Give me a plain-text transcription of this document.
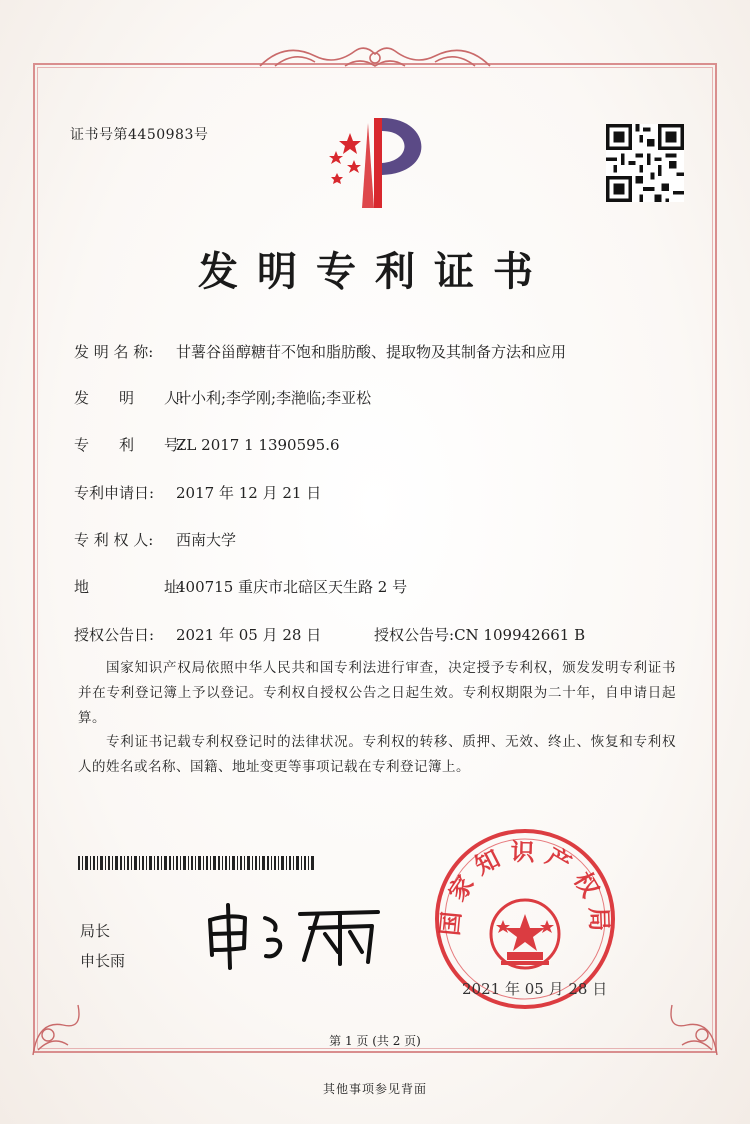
证书号第4450983号
发明专利证书
发 明 名 称: 甘薯谷甾醇糖苷不饱和脂肪酸、提取物及其制备方法和应用
发　　明　　人:叶小利;李学刚;李滟临;李亚松
专　　利　　号:ZL 2017 1 1390595.6
专利申请日: 2017 年 12 月 21 日
专 利 权 人: 西南大学
地　　　　　址:400715 重庆市北碚区天生路 2 号
授权公告日: 2021 年 05 月 28 日	授权公告号:CN 109942661 B
国家知识产权局依照中华人民共和国专利法进行审查，决定授予专利权，颁发发明专利证书并在专利登记簿上予以登记。专利权自授权公告之日起生效。专利权期限为二十年，自申请日起算。
专利证书记载专利权登记时的法律状况。专利权的转移、质押、无效、终止、恢复和专利权人的姓名或名称、国籍、地址变更等事项记载在专利登记簿上。
局长
申长雨
国家知识产权局
2021 年 05 月 28 日
第 1 页 (共 2 页)
其他事项参见背面
